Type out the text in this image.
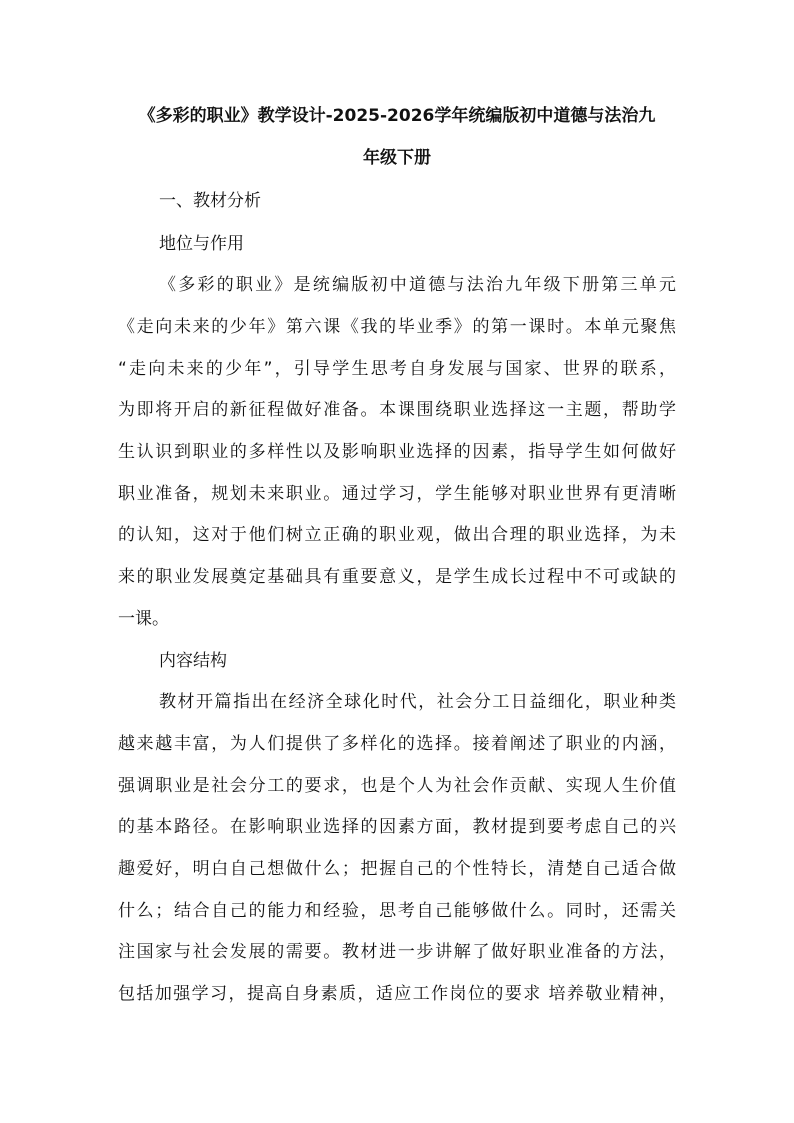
《多彩的职业》教学设计-2025-2026学年统编版初中道德与法治九
年级下册
一、教材分析
地位与作用
《多彩的职业》是统编版初中道德与法治九年级下册第三单元
《走向未来的少年》第六课《我的毕业季》的第一课时。本单元聚焦
“走向未来的少年”，引导学生思考自身发展与国家、世界的联系，
为即将开启的新征程做好准备。本课围绕职业选择这一主题，帮助学
生认识到职业的多样性以及影响职业选择的因素，指导学生如何做好
职业准备，规划未来职业。通过学习，学生能够对职业世界有更清晰
的认知，这对于他们树立正确的职业观，做出合理的职业选择，为未
来的职业发展奠定基础具有重要意义，是学生成长过程中不可或缺的
一课。
内容结构
教材开篇指出在经济全球化时代，社会分工日益细化，职业种类
越来越丰富，为人们提供了多样化的选择。接着阐述了职业的内涵，
强调职业是社会分工的要求，也是个人为社会作贡献、实现人生价值
的基本路径。在影响职业选择的因素方面，教材提到要考虑自己的兴
趣爱好，明白自己想做什么；把握自己的个性特长，清楚自己适合做
什么；结合自己的能力和经验，思考自己能够做什么。同时，还需关
注国家与社会发展的需要。教材进一步讲解了做好职业准备的方法，
包括加强学习，提高自身素质，适应工作岗位的要求 培养敬业精神，
